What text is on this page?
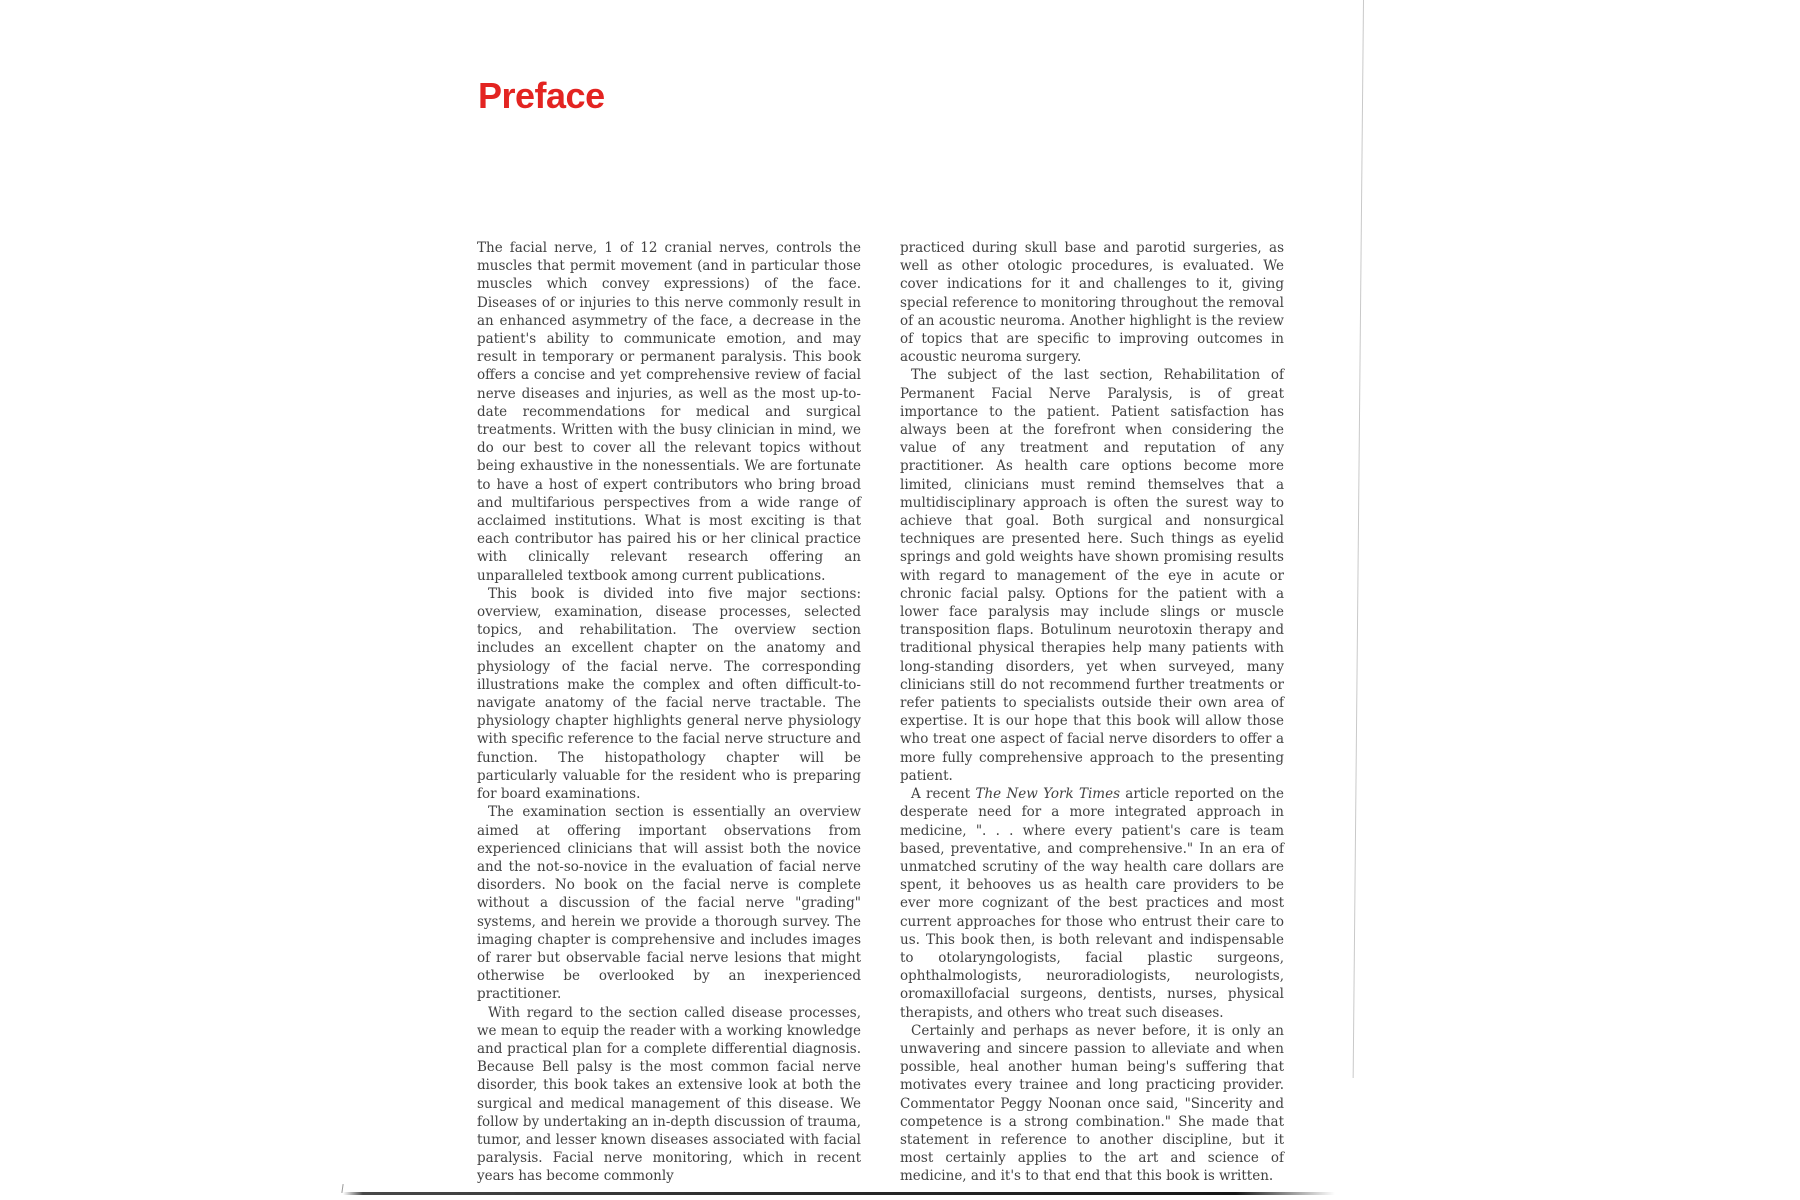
Preface

The facial nerve, 1 of 12 cranial nerves, controls the muscles that permit movement (and in particular those muscles which convey expressions) of the face. Diseases of or injuries to this nerve commonly result in an enhanced asymmetry of the face, a decrease in the patient's ability to communicate emotion, and may result in temporary or permanent paralysis. This book offers a concise and yet comprehensive review of facial nerve diseases and injuries, as well as the most up-to-date recommendations for medical and surgical treatments. Written with the busy clinician in mind, we do our best to cover all the relevant topics without being exhaustive in the nonessentials. We are fortunate to have a host of expert contributors who bring broad and multifarious perspectives from a wide range of acclaimed institutions. What is most exciting is that each contributor has paired his or her clinical practice with clinically relevant research offering an unparalleled textbook among current publications.

This book is divided into five major sections: overview, examination, disease processes, selected topics, and rehabilitation. The overview section includes an excellent chapter on the anatomy and physiology of the facial nerve. The corresponding illustrations make the complex and often difficult-to-navigate anatomy of the facial nerve tractable. The physiology chapter highlights general nerve physiology with specific reference to the facial nerve structure and function. The histopathology chapter will be particularly valuable for the resident who is preparing for board examinations.

The examination section is essentially an overview aimed at offering important observations from experienced clinicians that will assist both the novice and the not-so-novice in the evaluation of facial nerve disorders. No book on the facial nerve is complete without a discussion of the facial nerve "grading" systems, and herein we provide a thorough survey. The imaging chapter is comprehensive and includes images of rarer but observable facial nerve lesions that might otherwise be overlooked by an inexperienced practitioner.

With regard to the section called disease processes, we mean to equip the reader with a working knowledge and practical plan for a complete differential diagnosis. Because Bell palsy is the most common facial nerve disorder, this book takes an extensive look at both the surgical and medical management of this disease. We follow by undertaking an in-depth discussion of trauma, tumor, and lesser known diseases associated with facial paralysis. Facial nerve monitoring, which in recent years has become commonly

practiced during skull base and parotid surgeries, as well as other otologic procedures, is evaluated. We cover indications for it and challenges to it, giving special reference to monitoring throughout the removal of an acoustic neuroma. Another highlight is the review of topics that are specific to improving outcomes in acoustic neuroma surgery.

The subject of the last section, Rehabilitation of Permanent Facial Nerve Paralysis, is of great importance to the patient. Patient satisfaction has always been at the forefront when considering the value of any treatment and reputation of any practitioner. As health care options become more limited, clinicians must remind themselves that a multidisciplinary approach is often the surest way to achieve that goal. Both surgical and nonsurgical techniques are presented here. Such things as eyelid springs and gold weights have shown promising results with regard to management of the eye in acute or chronic facial palsy. Options for the patient with a lower face paralysis may include slings or muscle transposition flaps. Botulinum neurotoxin therapy and traditional physical therapies help many patients with long-standing disorders, yet when surveyed, many clinicians still do not recommend further treatments or refer patients to specialists outside their own area of expertise. It is our hope that this book will allow those who treat one aspect of facial nerve disorders to offer a more fully comprehensive approach to the presenting patient.

A recent The New York Times article reported on the desperate need for a more integrated approach in medicine, ". . . where every patient's care is team based, preventative, and comprehensive." In an era of unmatched scrutiny of the way health care dollars are spent, it behooves us as health care providers to be ever more cognizant of the best practices and most current approaches for those who entrust their care to us. This book then, is both relevant and indispensable to otolaryngologists, facial plastic surgeons, ophthalmologists, neuroradiologists, neurologists, oromaxillofacial surgeons, dentists, nurses, physical therapists, and others who treat such diseases.

Certainly and perhaps as never before, it is only an unwavering and sincere passion to alleviate and when possible, heal another human being's suffering that motivates every trainee and long practicing provider. Commentator Peggy Noonan once said, "Sincerity and competence is a strong combination." She made that statement in reference to another discipline, but it most certainly applies to the art and science of medicine, and it's to that end that this book is written.
